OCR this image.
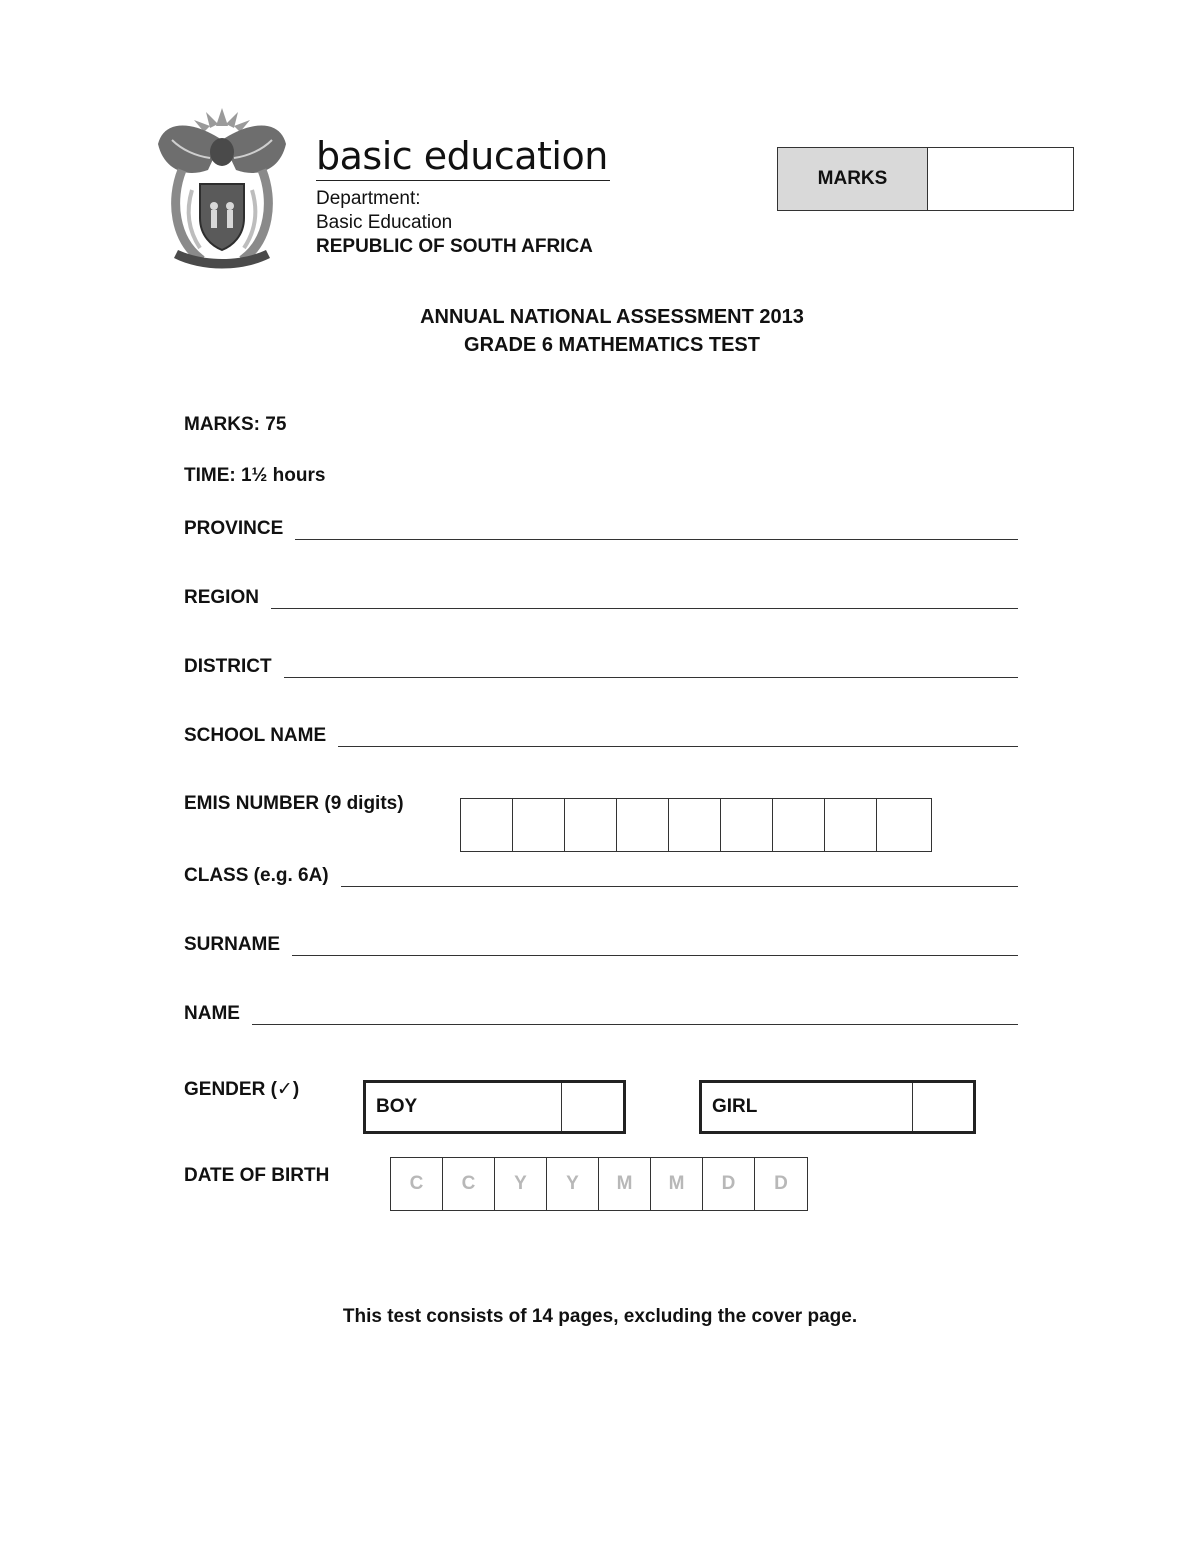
basic education
Department:
Basic Education
REPUBLIC OF SOUTH AFRICA
MARKS
ANNUAL NATIONAL ASSESSMENT 2013
GRADE 6 MATHEMATICS TEST
MARKS: 75
TIME: 1½ hours
PROVINCE
REGION
DISTRICT
SCHOOL NAME
EMIS NUMBER (9 digits)
CLASS (e.g. 6A)
SURNAME
NAME
GENDER (✓)
BOY	GIRL
DATE OF BIRTH	C	C	Y	Y	M	M	D	D
This test consists of 14 pages, excluding the cover page.
